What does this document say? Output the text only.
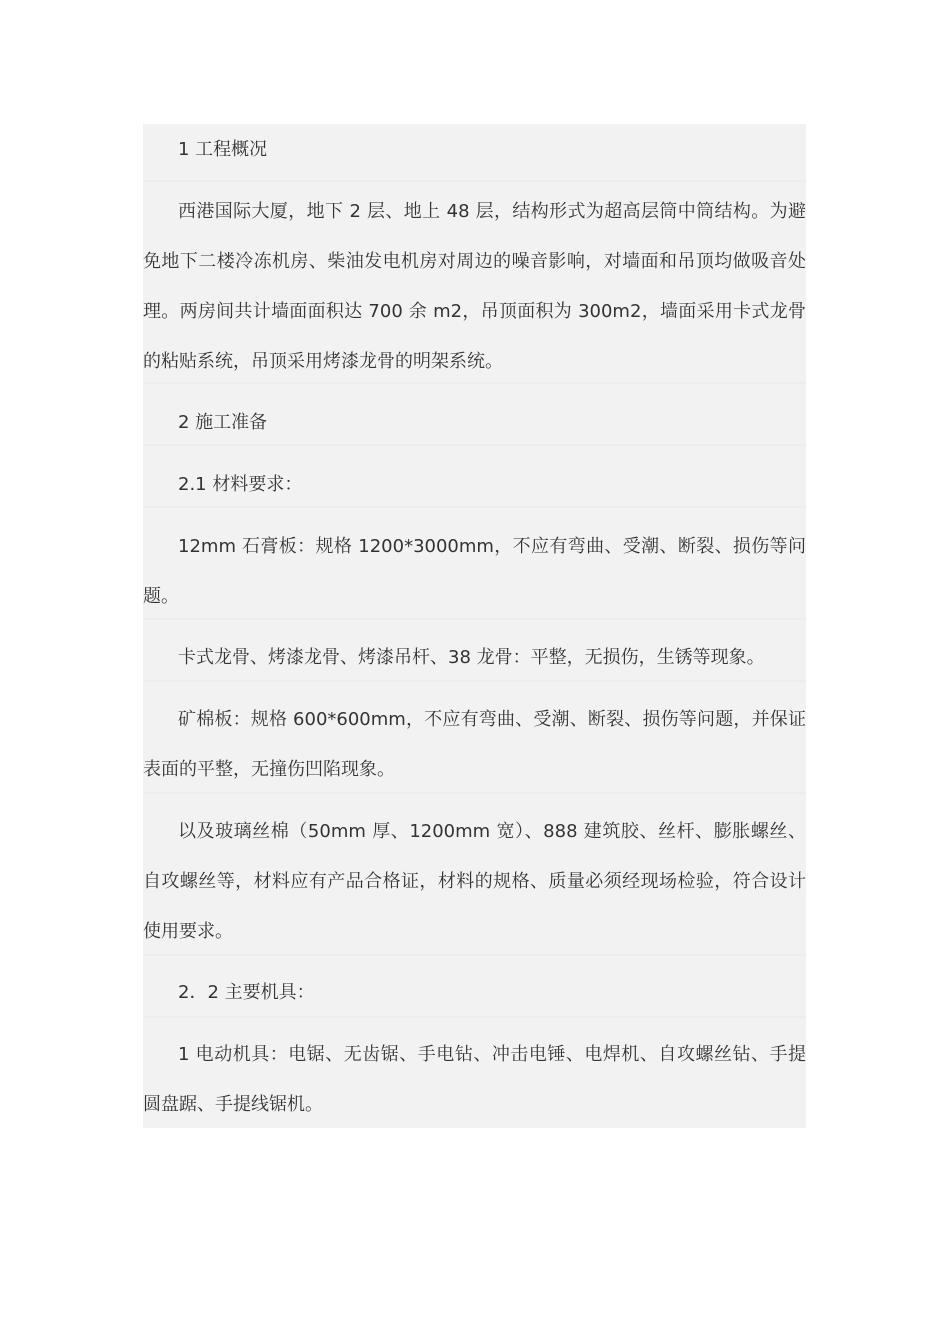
1 工程概况

西港国际大厦，地下 2 层、地上 48 层，结构形式为超高层筒中筒结构。为避免地下二楼冷冻机房、柴油发电机房对周边的噪音影响，对墙面和吊顶均做吸音处理。两房间共计墙面面积达 700 余 m2，吊顶面积为 300m2，墙面采用卡式龙骨的粘贴系统，吊顶采用烤漆龙骨的明架系统。

2 施工准备

2.1 材料要求：

12mm 石膏板：规格 1200*3000mm，不应有弯曲、受潮、断裂、损伤等问题。

卡式龙骨、烤漆龙骨、烤漆吊杆、38 龙骨：平整，无损伤，生锈等现象。

矿棉板：规格 600*600mm，不应有弯曲、受潮、断裂、损伤等问题，并保证表面的平整，无撞伤凹陷现象。

以及玻璃丝棉（50mm 厚、1200mm 宽）、888 建筑胶、丝杆、膨胀螺丝、自攻螺丝等，材料应有产品合格证，材料的规格、质量必须经现场检验，符合设计使用要求。

2．2 主要机具：

1 电动机具：电锯、无齿锯、手电钻、冲击电锤、电焊机、自攻螺丝钻、手提圆盘踞、手提线锯机。
